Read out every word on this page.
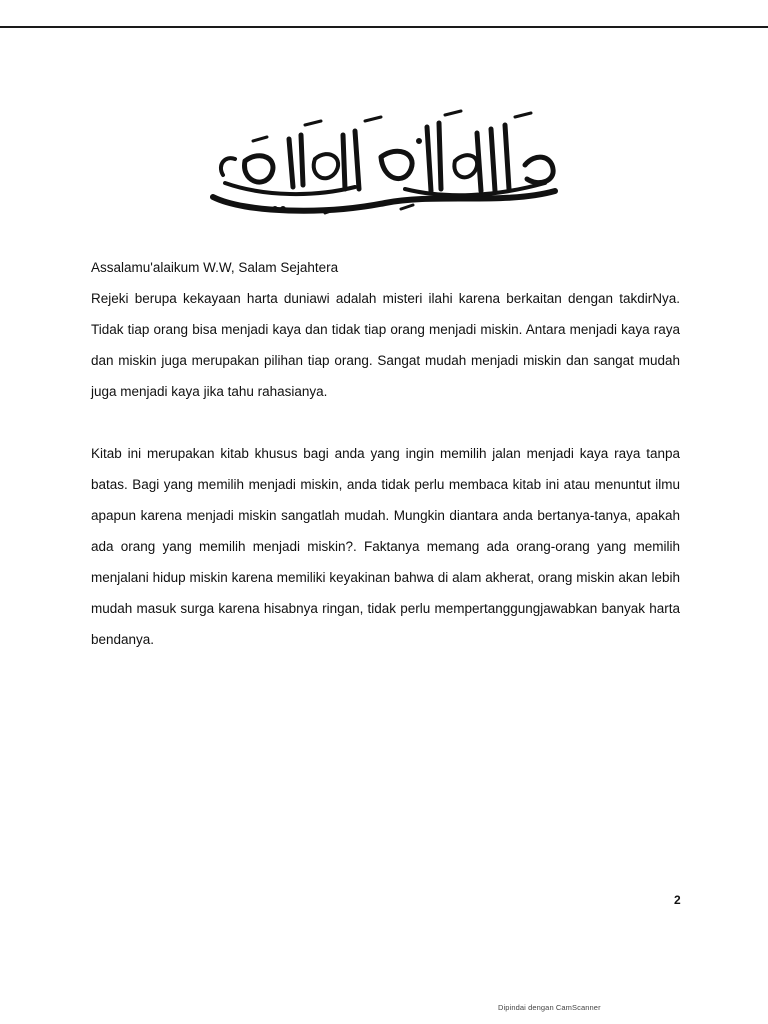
Assalamu'alaikum W.W, Salam Sejahtera

Rejeki berupa kekayaan harta duniawi adalah misteri ilahi karena berkaitan dengan takdirNya. Tidak tiap orang bisa menjadi kaya dan tidak tiap orang menjadi miskin. Antara menjadi kaya raya dan miskin juga merupakan pilihan tiap orang. Sangat mudah menjadi miskin dan sangat mudah juga menjadi kaya jika tahu rahasianya.

Kitab ini merupakan kitab khusus bagi anda yang ingin memilih jalan menjadi kaya raya tanpa batas. Bagi yang memilih menjadi miskin, anda tidak perlu membaca kitab ini atau menuntut ilmu apapun karena menjadi miskin sangatlah mudah. Mungkin diantara anda bertanya-tanya, apakah ada orang yang memilih menjadi miskin?. Faktanya memang ada orang-orang yang memilih menjalani hidup miskin karena memiliki keyakinan bahwa di alam akherat, orang miskin akan lebih mudah masuk surga karena hisabnya ringan, tidak perlu mempertanggungjawabkan banyak harta bendanya.

2
Dipindai dengan CamScanner
